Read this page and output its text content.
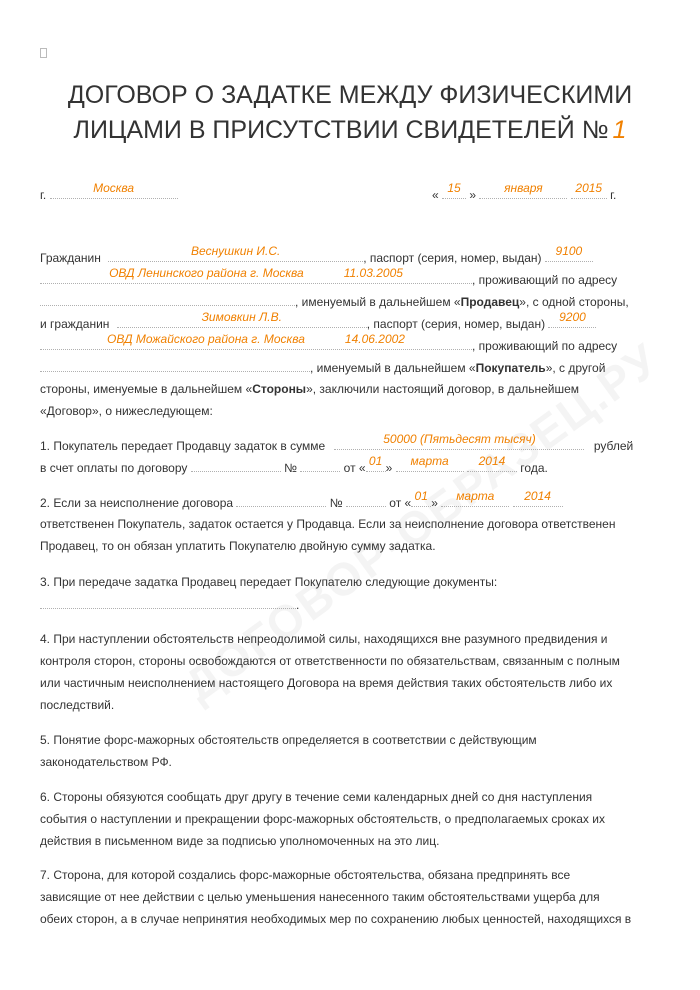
ДОГОВОР О ЗАДАТКЕ МЕЖДУ ФИЗИЧЕСКИМИ
ЛИЦАМИ В ПРИСУТСТВИИ СВИДЕТЕЛЕЙ № 1
г.	Москва	« 15 »	января
	2015 г.
Гражданин	Веснушкин И.С.	, паспорт (серия, номер, выдан)	9100
ОВД Ленинского района г. Москва	11.03.2005	, проживающий по адресу
, именуемый в дальнейшем «Продавец», с одной стороны,
и гражданин	Зимовкин Л.В.	, паспорт (серия, номер, выдан)	9200
ОВД Можайского района г. Москва	14.06.2002	, проживающий по адресу
, именуемый в дальнейшем «Покупатель», с другой
стороны, именуемые в дальнейшем «Стороны», заключили настоящий договор, в дальнейшем
«Договор», о нижеследующем:
1. Покупатель передает Продавцу задаток в сумме	50000 (Пятьдесят тысяч)	рублей
в счет оплаты по договору	№	от « 01 »	марта
	2014	года.
2. Если за неисполнение договора	№	от « 01 »	марта
	2014
ответственен Покупатель, задаток остается у Продавца. Если за неисполнение договора ответственен
Продавец, то он обязан уплатить Покупателю двойную сумму задатка.
3. При передаче задатка Продавец передает Покупателю следующие документы:
.
4. При наступлении обстоятельств непреодолимой силы, находящихся вне разумного предвидения и
контроля сторон, стороны освобождаются от ответственности по обязательствам, связанным с полным
или частичным неисполнением настоящего Договора на время действия таких обстоятельств либо их
последствий.
5. Понятие форс-мажорных обстоятельств определяется в соответствии с действующим
законодательством РФ.
6. Стороны обязуются сообщать друг другу в течение семи календарных дней со дня наступления
события о наступлении и прекращении форс-мажорных обстоятельств, о предполагаемых сроках их
действия в письменном виде за подписью уполномоченных на это лиц.
7. Сторона, для которой создались форс-мажорные обстоятельства, обязана предпринять все
зависящие от нее действии с целью уменьшения нанесенного таким обстоятельствами ущерба для
обеих сторон, а в случае непринятия необходимых мер по сохранению любых ценностей, находящихся в
